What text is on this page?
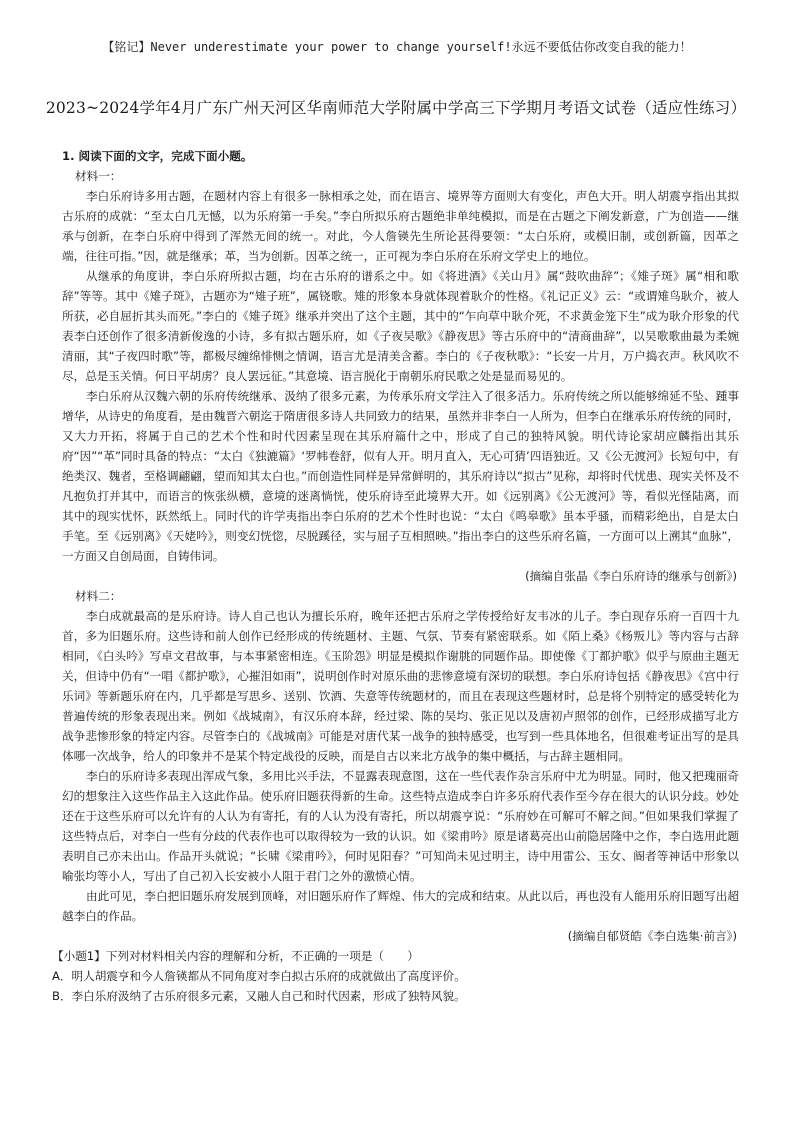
【铭记】Never underestimate your power to change yourself!永远不要低估你改变自我的能力！
2023~2024学年4月广东广州天河区华南师范大学附属中学高三下学期月考语文试卷（适应性练习）

1. 阅读下面的文字，完成下面小题。

材料一：

李白乐府诗多用古题，在题材内容上有很多一脉相承之处，而在语言、境界等方面则大有变化，声色大开。明人胡震亨指出其拟古乐府的成就：“至太白几无憾，以为乐府第一手矣。”李白所拟乐府古题绝非单纯模拟，而是在古题之下阐发新意，广为创造——继承与创新，在李白乐府中得到了浑然无间的统一。对此，今人詹锳先生所论甚得要领：“太白乐府，或模旧制，或创新篇，因革之端，往往可指。”因，就是继承；革，当为创新。因革之统一，正可视为李白乐府在乐府文学史上的地位。

从继承的角度讲，李白乐府所拟古题，均在古乐府的谱系之中。如《将进酒》《关山月》属“鼓吹曲辞”；《雉子斑》属“相和歌辞”等等。其中《雉子斑》，古题亦为“雉子班”，属铙歌。雉的形象本身就体现着耿介的性格。《礼记正义》云：“或谓雉鸟耿介，被人所获，必自屈折其头而死。”李白的《雉子斑》继承并突出了这个主题，其中的“乍向草中耿介死，不求黄金笼下生”成为耿介形象的代表李白还创作了很多清新俊逸的小诗，多有拟古题乐府，如《子夜吴歌》《静夜思》等古乐府中的“清商曲辞”，以吴歌歌曲最为柔婉清丽，其“子夜四时歌”等，都极尽缠绵悱恻之情调，语言尤是清美含蓄。李白的《子夜秋歌》：“长安一片月，万户捣衣声。秋风吹不尽，总是玉关情。何日平胡虏？良人罢远征。”其意境、语言脱化于南朝乐府民歌之处是显而易见的。

李白乐府从汉魏六朝的乐府传统继承、汲纳了很多元素，为传承乐府文学注入了很多活力。乐府传统之所以能够绵延不坠、踵事增华，从诗史的角度看，是由魏晋六朝迄于隋唐很多诗人共同致力的结果，虽然并非李白一人所为，但李白在继承乐府传统的同时，又大力开拓，将属于自己的艺术个性和时代因素呈现在其乐府篇什之中，形成了自己的独特风貌。明代诗论家胡应麟指出其乐府“因”“革”同时具备的特点：“太白《独漉篇》‘罗帏卷舒，似有人开。明月直入，无心可猜’四语独近。又《公无渡河》长短句中，有绝类汉、魏者，至格调翩翩，望而知其太白也。”而创造性同样是异常鲜明的，其乐府诗以“拟古”见称，却将时代忧患、现实关怀及不凡抱负打并其中，而语言的恢张纵横，意境的迷离惝恍，使乐府诗至此境界大开。如《远别离》《公无渡河》等，看似光怪陆离，而其中的现实忧怀，跃然纸上。同时代的许学夷指出李白乐府的艺术个性时也说：“太白《鸣皋歌》虽本乎骚，而精彩绝出，自是太白手笔。至《远别离》《天姥吟》，则变幻恍惚，尽脱蹊径，实与屈子互相照映。”指出李白的这些乐府名篇，一方面可以上溯其“血脉”，一方面又自创局面，自铸伟词。

(摘编自张晶《李白乐府诗的继承与创新》)

材料二：

李白成就最高的是乐府诗。诗人自己也认为擅长乐府，晚年还把古乐府之学传授给好友韦冰的儿子。李白现存乐府一百四十九首，多为旧题乐府。这些诗和前人创作已经形成的传统题材、主题、气氛、节奏有紧密联系。如《陌上桑》《杨叛儿》等内容与古辞相同，《白头吟》写卓文君故事，与本事紧密相连。《玉阶怨》明显是模拟作谢朓的同题作品。即使像《丁都护歌》似乎与原曲主题无关，但诗中仍有“一唱《都护歌》，心摧泪如雨”，说明创作时对原乐曲的悲惨意境有深切的联想。李白乐府诗包括《静夜思》《宫中行乐词》等新题乐府在内，几乎都是写思乡、送别、饮酒、失意等传统题材的，而且在表现这些题材时，总是将个别特定的感受转化为普遍传统的形象表现出来。例如《战城南》，有汉乐府本辞，经过梁、陈的吴均、张正见以及唐初卢照邻的创作，已经形成描写北方战争悲惨形象的特定内容。尽管李白的《战城南》可能是对唐代某一战争的独特感受，也写到一些具体地名，但很难考证出写的是具体哪一次战争，给人的印象并不是某个特定战役的反映，而是自古以来北方战争的集中概括，与古辞主题相同。

李白的乐府诗多表现出浑成气象，多用比兴手法，不显露表现意图，这在一些代表作杂言乐府中尤为明显。同时，他又把瑰丽奇幻的想象注入这些作品主入这此作品。使乐府旧题获得新的生命。这些特点造成李白许多乐府代表作至今存在很大的认识分歧。妙处还在于这些乐府可以允许有的人认为有寄托，有的人认为没有寄托，所以胡震亨说：“乐府妙在可解可不解之间。”但如果我们掌握了这些特点后，对李白一些有分歧的代表作也可以取得较为一致的认识。如《梁甫吟》原是诸葛亮出山前隐居隆中之作，李白选用此题表明自己亦未出山。作品开头就说；“长啸《梁甫吟》，何时见阳春？”可知尚未见过明主，诗中用雷公、玉女、阍者等神话中形象以喻张均等小人，写出了自己初入长安被小人阻于君门之外的激愤心情。

由此可见，李白把旧题乐府发展到顶峰，对旧题乐府作了辉煌、伟大的完成和结束。从此以后，再也没有人能用乐府旧题写出超越李白的作品。

(摘编自郁贤皓《李白选集·前言》)

【小题1】下列对材料相关内容的理解和分析，不正确的一项是（　　）

A．明人胡震亨和今人詹锳都从不同角度对李白拟古乐府的成就做出了高度评价。

B．李白乐府汲纳了古乐府很多元素，又融人自己和时代因素，形成了独特风貌。
